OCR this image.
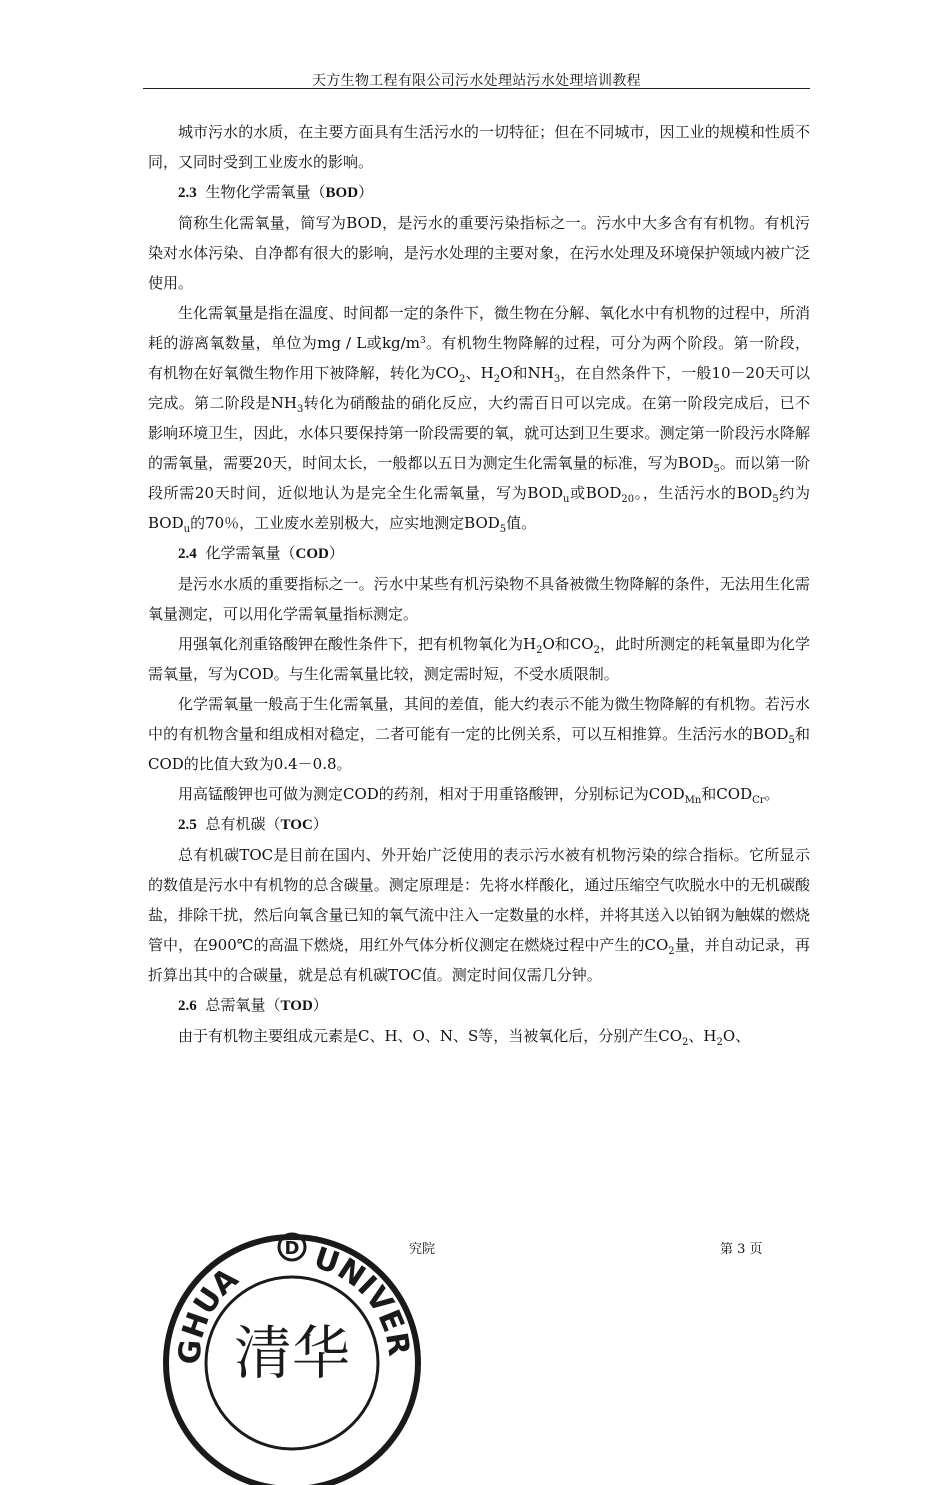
天方生物工程有限公司污水处理站污水处理培训教程

城市污水的水质，在主要方面具有生活污水的一切特征；但在不同城市，因工业的规模和性质不同，又同时受到工业废水的影响。

2.3 生物化学需氧量（BOD）

简称生化需氧量，简写为BOD，是污水的重要污染指标之一。污水中大多含有有机物。有机污染对水体污染、自净都有很大的影响，是污水处理的主要对象，在污水处理及环境保护领域内被广泛使用。

生化需氧量是指在温度、时间都一定的条件下，微生物在分解、氧化水中有机物的过程中，所消耗的游离氧数量，单位为mg / L或$kg/m^3$。有机物生物降解的过程，可分为两个阶段。第一阶段，有机物在好氧微生物作用下被降解，转化为$CO_2$、$H_2O$和$NH_3$，在自然条件下，一般10－20天可以完成。第二阶段是$NH_3$转化为硝酸盐的硝化反应，大约需百日可以完成。在第一阶段完成后，已不影响环境卫生，因此，水体只要保持第一阶段需要的氧，就可达到卫生要求。测定第一阶段污水降解的需氧量，需要20天，时间太长，一般都以五日为测定生化需氧量的标准，写为$BOD_5$。而以第一阶段所需20天时间，近似地认为是完全生化需氧量，写为$BOD_u$或$BOD_{20}$。，生活污水的$BOD_5$约为$BOD_u$的70％，工业废水差别极大，应实地测定$BOD_5$值。

2.4 化学需氧量（COD）

是污水水质的重要指标之一。污水中某些有机污染物不具备被微生物降解的条件，无法用生化需氧量测定，可以用化学需氧量指标测定。

用强氧化剂重铬酸钾在酸性条件下，把有机物氧化为$H_2O$和$CO_2$，此时所测定的耗氧量即为化学需氧量，写为COD。与生化需氧量比较，测定需时短，不受水质限制。

化学需氧量一般高于生化需氧量，其间的差值，能大约表示不能为微生物降解的有机物。若污水中的有机物含量和组成相对稳定，二者可能有一定的比例关系，可以互相推算。生活污水的$BOD_5$和COD的比值大致为0.4－0.8。

用高锰酸钾也可做为测定COD的药剂，相对于用重铬酸钾，分别标记为$COD_{Mn}$和$COD_{Cr}$。

2.5 总有机碳（TOC）

总有机碳TOC是目前在国内、外开始广泛使用的表示污水被有机物污染的综合指标。它所显示的数值是污水中有机物的总含碳量。测定原理是：先将水样酸化，通过压缩空气吹脱水中的无机碳酸盐，排除干扰，然后向氧含量已知的氧气流中注入一定数量的水样，并将其送入以铂钢为触媒的燃烧管中，在900℃的高温下燃烧，用红外气体分析仪测定在燃烧过程中产生的$CO_2$量，并自动记录，再折算出其中的合碳量，就是总有机碳TOC值。测定时间仅需几分钟。

2.6 总需氧量（TOD）

由于有机物主要组成元素是C、H、O、N、S等，当被氧化后，分别产生$CO_2$、$H_2O$、

究院	第 3 页
GHUA
UNIVER
D
清华
